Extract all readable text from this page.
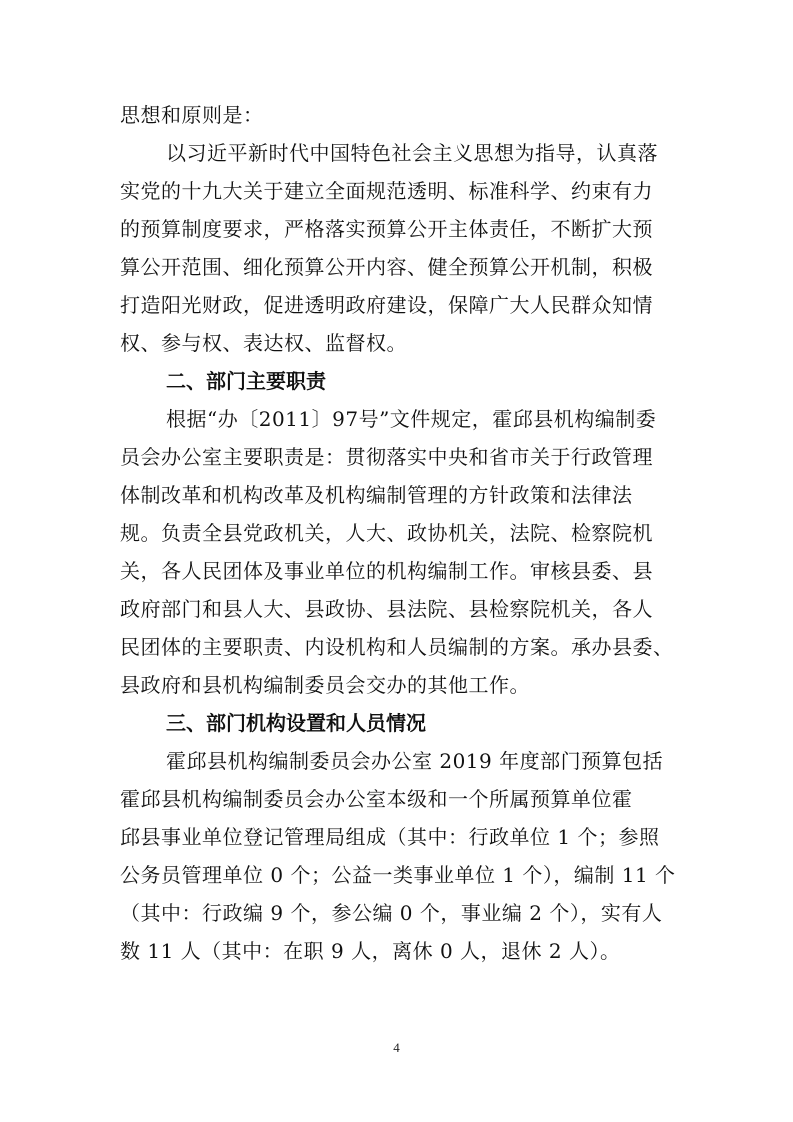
思想和原则是：
以习近平新时代中国特色社会主义思想为指导，认真落
实党的十九大关于建立全面规范透明、标准科学、约束有力
的预算制度要求，严格落实预算公开主体责任，不断扩大预
算公开范围、细化预算公开内容、健全预算公开机制，积极
打造阳光财政，促进透明政府建设，保障广大人民群众知情
权、参与权、表达权、监督权。
二、部门主要职责
根据“办〔2011〕97号”文件规定，霍邱县机构编制委
员会办公室主要职责是：贯彻落实中央和省市关于行政管理
体制改革和机构改革及机构编制管理的方针政策和法律法
规。负责全县党政机关，人大、政协机关，法院、检察院机
关，各人民团体及事业单位的机构编制工作。审核县委、县
政府部门和县人大、县政协、县法院、县检察院机关，各人
民团体的主要职责、内设机构和人员编制的方案。承办县委、
县政府和县机构编制委员会交办的其他工作。
三、部门机构设置和人员情况
霍邱县机构编制委员会办公室 2019 年度部门预算包括
霍邱县机构编制委员会办公室本级和一个所属预算单位霍
邱县事业单位登记管理局组成（其中：行政单位 1 个；参照
公务员管理单位 0 个；公益一类事业单位 1 个），编制 11 个
（其中：行政编 9 个，参公编 0 个，事业编 2 个），实有人
数 11 人（其中：在职 9 人，离休 0 人，退休 2 人）。
4
